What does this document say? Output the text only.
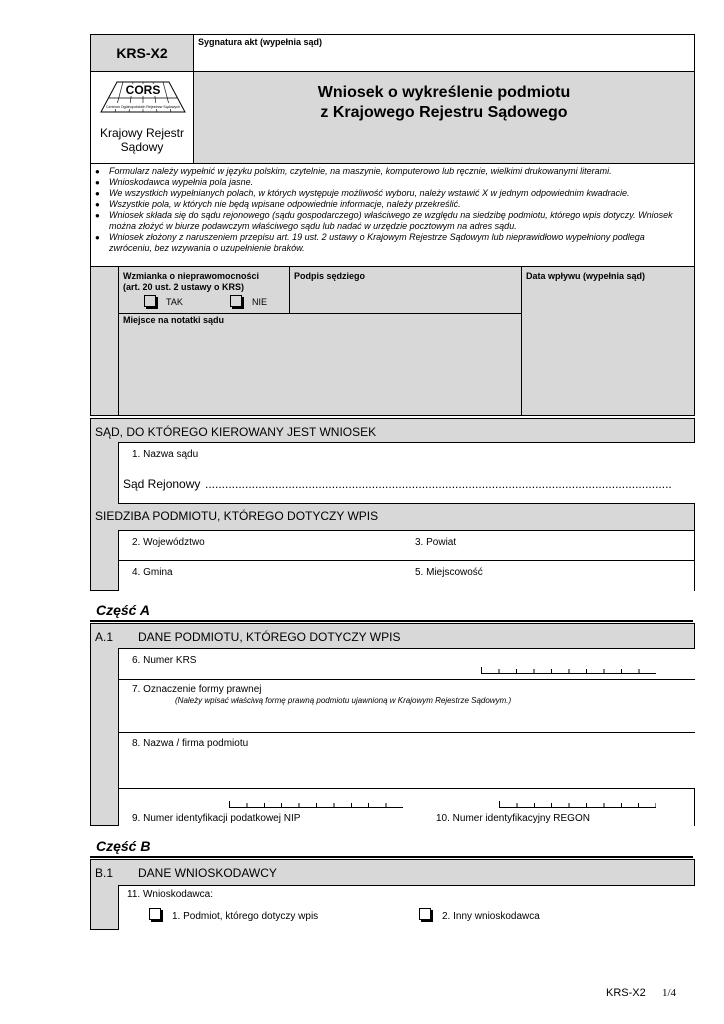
KRS-X2
CORS
Centrum Ogólnopolskich Rejestrów Sądowych
Krajowy Rejestr
Sądowy
Sygnatura akt (wypełnia sąd)
Wniosek o wykreślenie podmiotu
z Krajowego Rejestru Sądowego
● Formularz należy wypełnić w języku polskim, czytelnie, na maszynie, komputerowo lub ręcznie, wielkimi drukowanymi literami.
● Wnioskodawca wypełnia pola jasne.
● We wszystkich wypełnianych polach, w których występuje możliwość wyboru, należy wstawić X w jednym odpowiednim kwadracie.
● Wszystkie pola, w których nie będą wpisane odpowiednie informacje, należy przekreślić.
● Wniosek składa się do sądu rejonowego (sądu gospodarczego) właściwego ze względu na siedzibę podmiotu, którego wpis dotyczy. Wniosek można złożyć w biurze podawczym właściwego sądu lub nadać w urzędzie pocztowym na adres sądu.
● Wniosek złożony z naruszeniem przepisu art. 19 ust. 2 ustawy o Krajowym Rejestrze Sądowym lub nieprawidłowo wypełniony podlega zwróceniu, bez wzywania o uzupełnienie braków.
Wzmianka o nieprawomocności
(art. 20 ust. 2 ustawy o KRS)
TAK	NIE
Podpis sędziego	Data wpływu (wypełnia sąd)
Miejsce na notatki sądu
SĄD, DO KTÓREGO KIEROWANY JEST WNIOSEK
1. Nazwa sądu
Sąd Rejonowy ............................................................................................................................................
SIEDZIBA PODMIOTU, KTÓREGO DOTYCZY WPIS
2. Województwo	3. Powiat
4. Gmina	5. Miejscowość
Część A
A.1 DANE PODMIOTU, KTÓREGO DOTYCZY WPIS
6. Numer KRS
7. Oznaczenie formy prawnej
(Należy wpisać właściwą formę prawną podmiotu ujawnioną w Krajowym Rejestrze Sądowym.)
8. Nazwa / firma podmiotu
9. Numer identyfikacji podatkowej NIP	10. Numer identyfikacyjny REGON
Część B
B.1 DANE WNIOSKODAWCY
11. Wnioskodawca:
1. Podmiot, którego dotyczy wpis	2. Inny wnioskodawca
KRS-X2 1/4
